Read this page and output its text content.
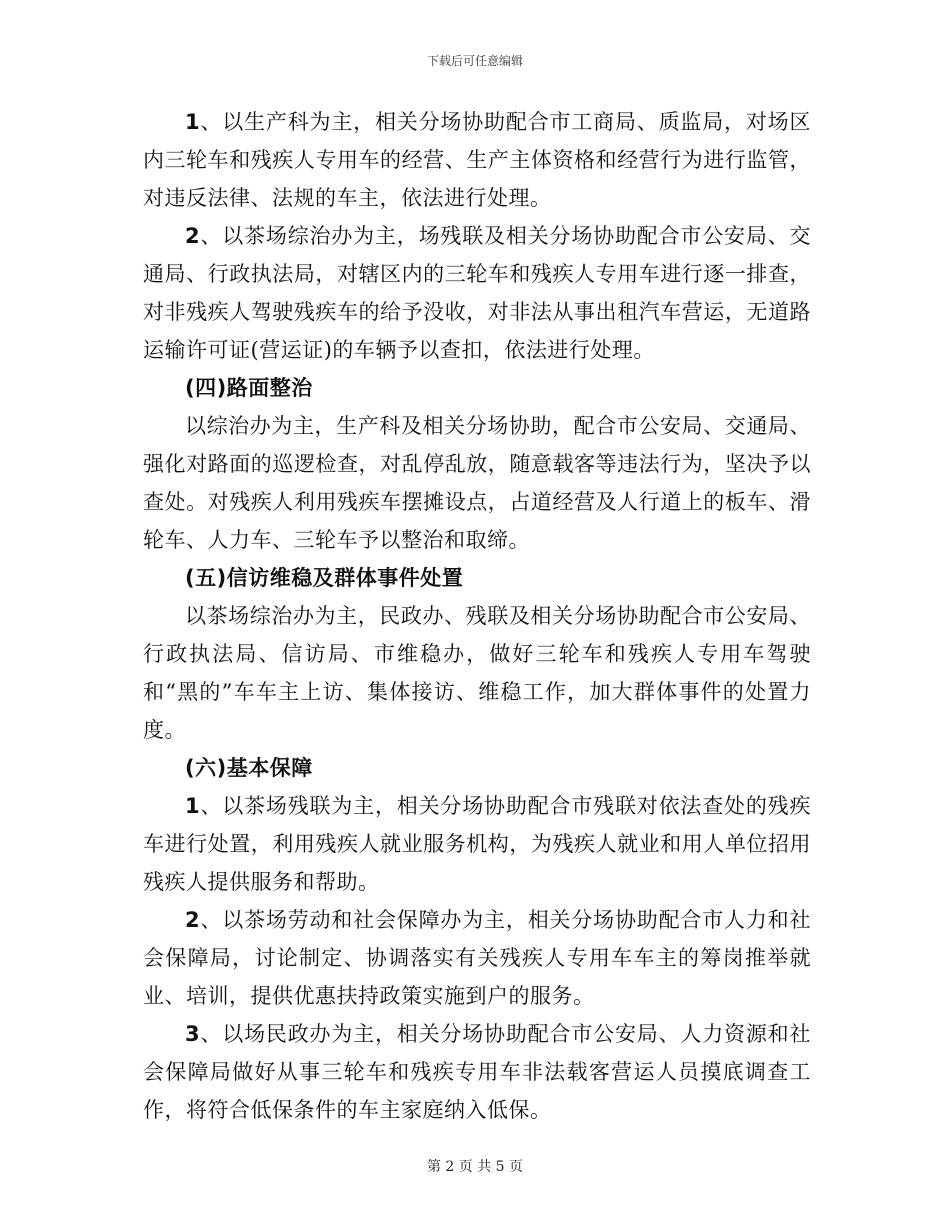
下载后可任意编辑

1、以生产科为主，相关分场协助配合市工商局、质监局，对场区内三轮车和残疾人专用车的经营、生产主体资格和经营行为进行监管，对违反法律、法规的车主，依法进行处理。

2、以茶场综治办为主，场残联及相关分场协助配合市公安局、交通局、行政执法局，对辖区内的三轮车和残疾人专用车进行逐一排查，对非残疾人驾驶残疾车的给予没收，对非法从事出租汽车营运，无道路运输许可证(营运证)的车辆予以查扣，依法进行处理。

(四)路面整治

以综治办为主，生产科及相关分场协助，配合市公安局、交通局、强化对路面的巡逻检查，对乱停乱放，随意载客等违法行为，坚决予以查处。对残疾人利用残疾车摆摊设点，占道经营及人行道上的板车、滑轮车、人力车、三轮车予以整治和取缔。

(五)信访维稳及群体事件处置

以茶场综治办为主，民政办、残联及相关分场协助配合市公安局、行政执法局、信访局、市维稳办，做好三轮车和残疾人专用车驾驶和“黑的”车车主上访、集体接访、维稳工作，加大群体事件的处置力度。

(六)基本保障

1、以茶场残联为主，相关分场协助配合市残联对依法查处的残疾车进行处置，利用残疾人就业服务机构，为残疾人就业和用人单位招用残疾人提供服务和帮助。

2、以茶场劳动和社会保障办为主，相关分场协助配合市人力和社会保障局，讨论制定、协调落实有关残疾人专用车车主的筹岗推举就业、培训，提供优惠扶持政策实施到户的服务。

3、以场民政办为主，相关分场协助配合市公安局、人力资源和社会保障局做好从事三轮车和残疾专用车非法载客营运人员摸底调查工作，将符合低保条件的车主家庭纳入低保。

第 2 页 共 5 页
